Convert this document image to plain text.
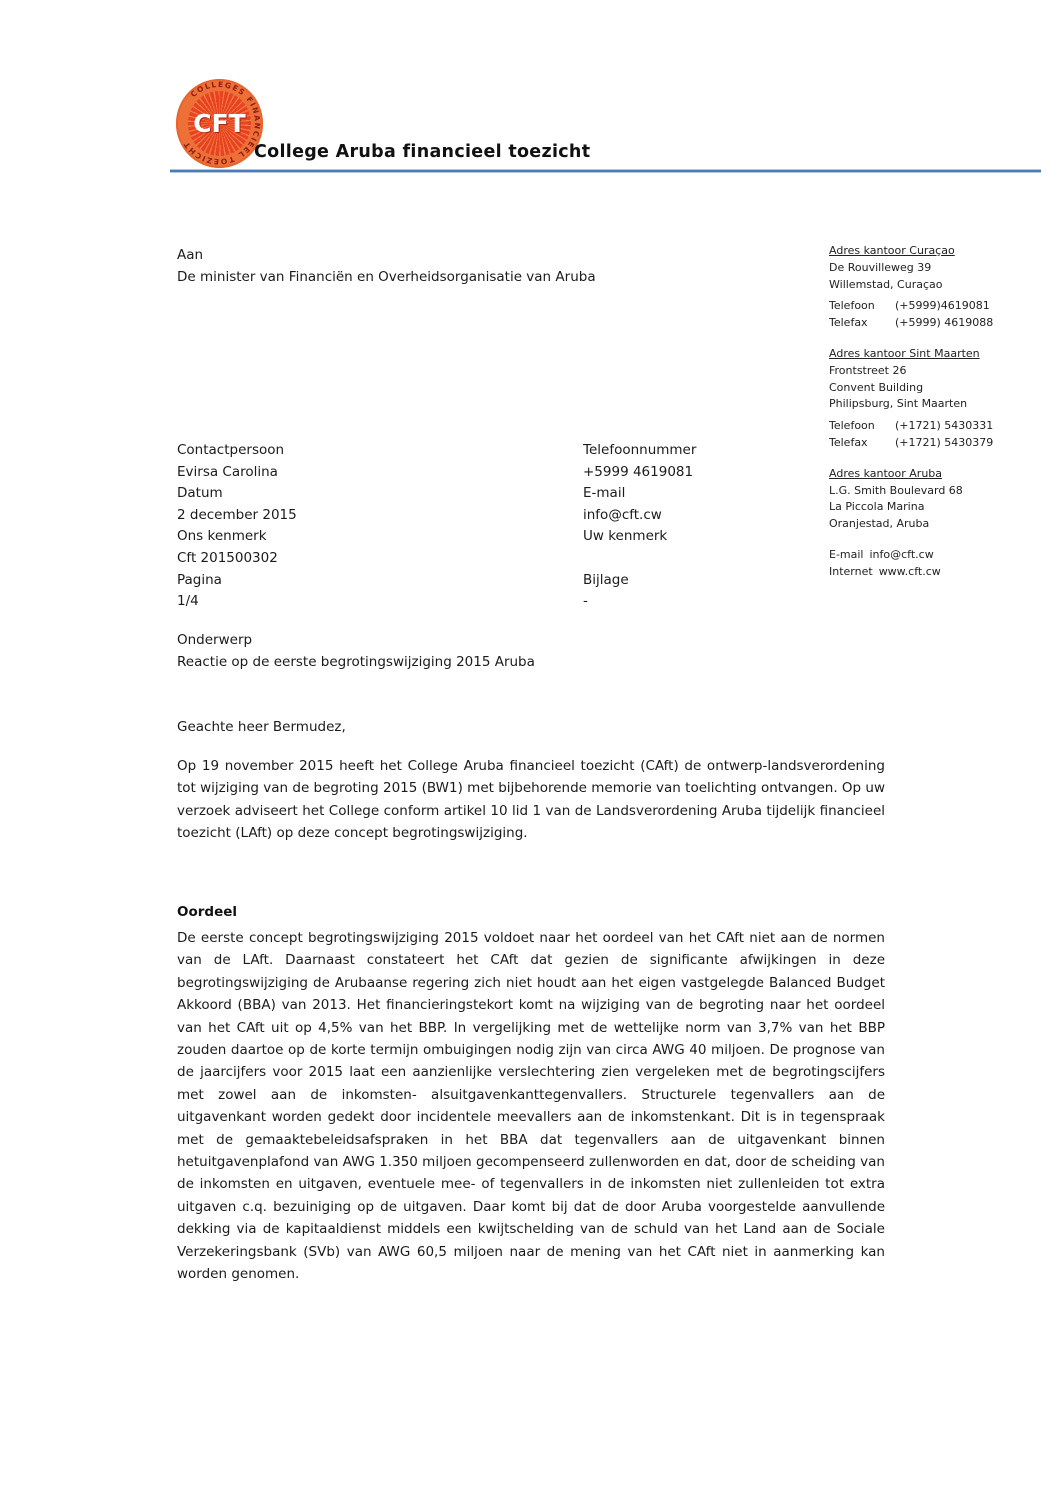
CFT
COLLEGES FINANCIEEL TOEZICHT	College Aruba financieel toezicht
Aan
De minister van Financiën en Overheidsorganisatie van Aruba
Adres kantoor Curaçao
De Rouvilleweg 39
Willemstad, Curaçao
Telefoon	(+5999)4619081
Telefax	(+5999) 4619088
Adres kantoor Sint Maarten
Frontstreet 26
Convent Building
Philipsburg, Sint Maarten
Telefoon	(+1721) 5430331
Telefax	(+1721) 5430379
Adres kantoor Aruba
L.G. Smith Boulevard 68
La Piccola Marina
Oranjestad, Aruba
E-mail info@cft.cw
Internet www.cft.cw
Contactpersoon	Telefoonnummer
Evirsa Carolina	+5999 4619081
Datum	E-mail
2 december 2015	info@cft.cw
Ons kenmerk	Uw kenmerk
Cft 201500302
Pagina	Bijlage
1/4	-
Onderwerp
Reactie op de eerste begrotingswijziging 2015 Aruba
Geachte heer Bermudez,

Op 19 november 2015 heeft het College Aruba financieel toezicht (CAft) de ontwerp-landsverordening tot wijziging van de begroting 2015 (BW1) met bijbehorende memorie van toelichting ontvangen. Op uw verzoek adviseert het College conform artikel 10 lid 1 van de Landsverordening Aruba tijdelijk financieel toezicht (LAft) op deze concept begrotingswijziging.

Oordeel

De eerste concept begrotingswijziging 2015 voldoet naar het oordeel van het CAft niet aan de normen van de LAft. Daarnaast constateert het CAft dat gezien de significante afwijkingen in deze begrotingswijziging de Arubaanse regering zich niet houdt aan het eigen vastgelegde Balanced Budget Akkoord (BBA) van 2013. Het financieringstekort komt na wijziging van de begroting naar het oordeel van het CAft uit op 4,5% van het BBP. In vergelijking met de wettelijke norm van 3,7% van het BBP zouden daartoe op de korte termijn ombuigingen nodig zijn van circa AWG 40 miljoen. De prognose van de jaarcijfers voor 2015 laat een aanzienlijke verslechtering zien vergeleken met de begrotingscijfers met zowel aan de inkomsten- alsuitgavenkanttegenvallers. Structurele tegenvallers aan de uitgavenkant worden gedekt door incidentele meevallers aan de inkomstenkant. Dit is in tegenspraak met de gemaaktebeleidsafspraken in het BBA dat tegenvallers aan de uitgavenkant binnen hetuitgavenplafond van AWG 1.350 miljoen gecompenseerd zullenworden en dat, door de scheiding van de inkomsten en uitgaven, eventuele mee- of tegenvallers in de inkomsten niet zullenleiden tot extra uitgaven c.q. bezuiniging op de uitgaven. Daar komt bij dat de door Aruba voorgestelde aanvullende dekking via de kapitaaldienst middels een kwijtschelding van de schuld van het Land aan de Sociale Verzekeringsbank (SVb) van AWG 60,5 miljoen naar de mening van het CAft niet in aanmerking kan worden genomen.
